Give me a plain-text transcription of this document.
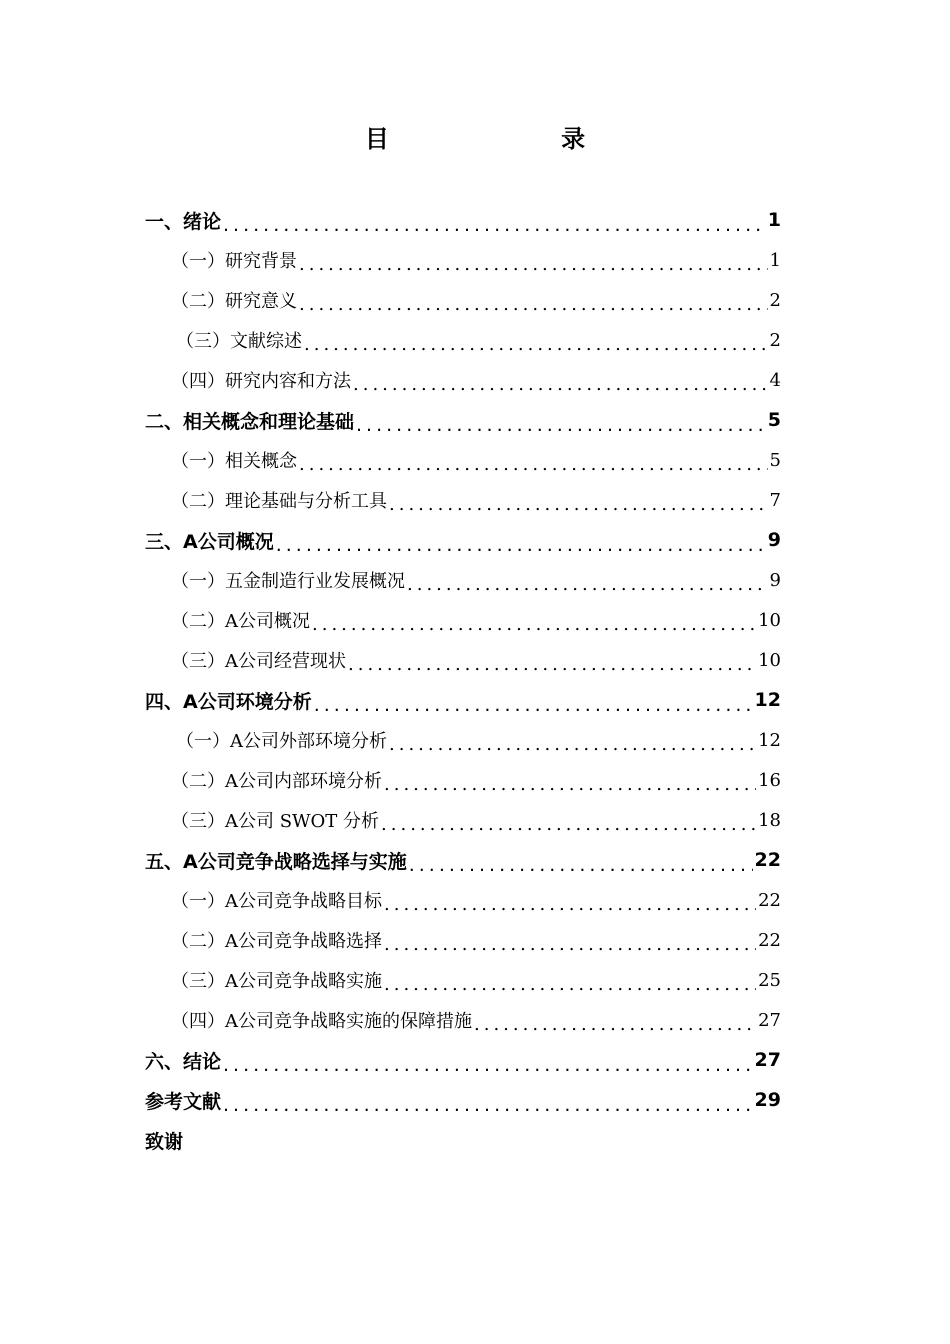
目 录
一、绪论 .....	1
（一）研究背景 .....	1
（二）研究意义 .....	2
（三）文献综述 .....	2
（四）研究内容和方法 .....	4
二、相关概念和理论基础 .....	5
（一）相关概念 .....	5
（二）理论基础与分析工具 .....	7
三、A公司概况 .....	9
（一）五金制造行业发展概况 .....	9
（二）A公司概况 .....	10
（三）A公司经营现状 .....	10
四、A公司环境分析 .....	12
（一）A公司外部环境分析 .....	12
（二）A公司内部环境分析 .....	16
（三）A公司 SWOT 分析 .....	18
五、A公司竞争战略选择与实施 .....	22
（一）A公司竞争战略目标 .....	22
（二）A公司竞争战略选择 .....	22
（三）A公司竞争战略实施 .....	25
（四）A公司竞争战略实施的保障措施 .....	27
六、结论 .....	27
参考文献 .....	29
致谢
